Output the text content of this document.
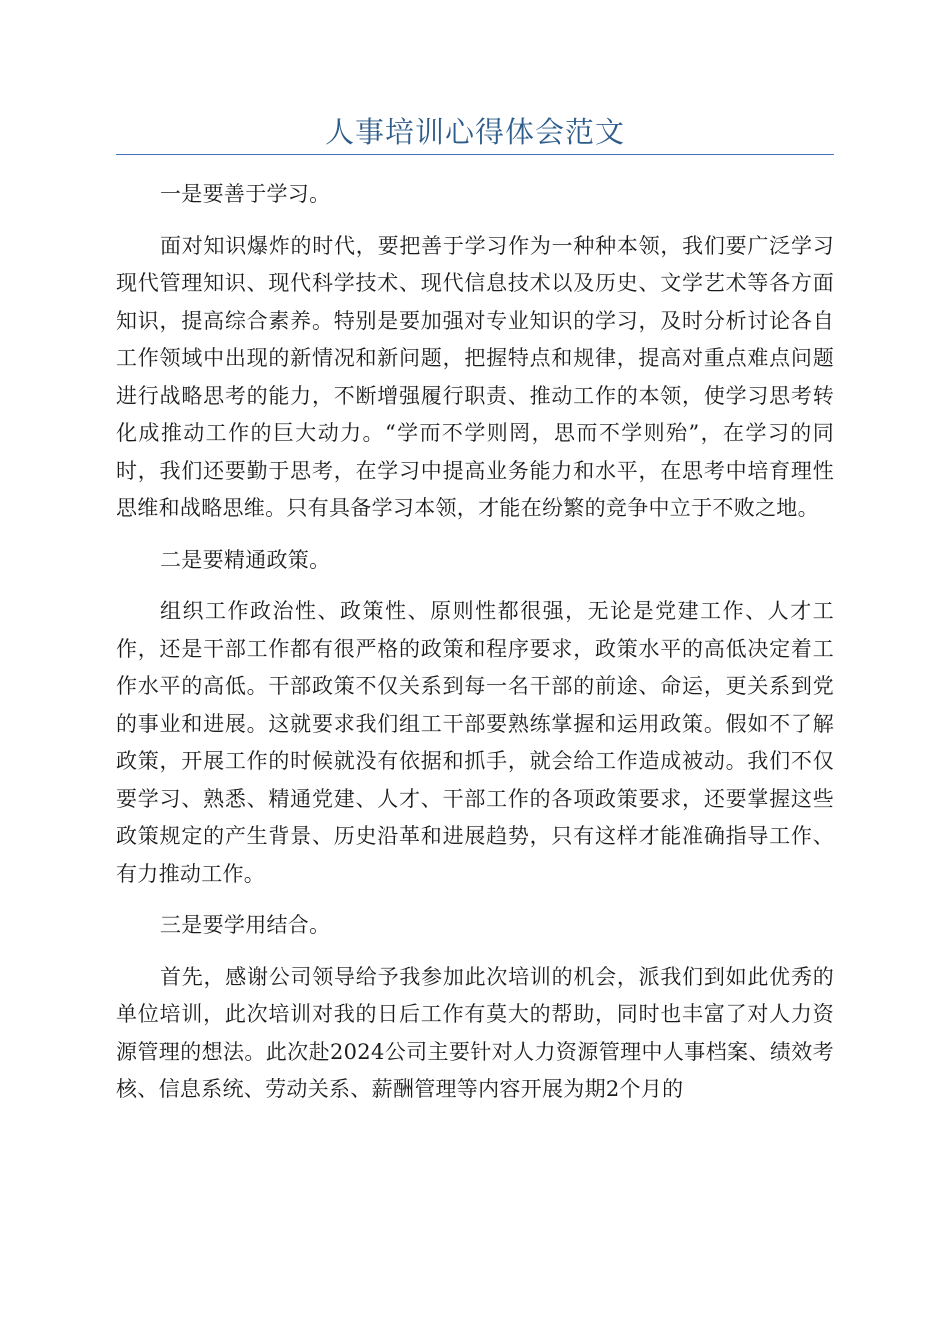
人事培训心得体会范文

一是要善于学习。

面对知识爆炸的时代，要把善于学习作为一种种本领，我们要广泛学习现代管理知识、现代科学技术、现代信息技术以及历史、文学艺术等各方面知识，提高综合素养。特别是要加强对专业知识的学习，及时分析讨论各自工作领域中出现的新情况和新问题，把握特点和规律，提高对重点难点问题进行战略思考的能力，不断增强履行职责、推动工作的本领，使学习思考转化成推动工作的巨大动力。“学而不学则罔，思而不学则殆”，在学习的同时，我们还要勤于思考，在学习中提高业务能力和水平，在思考中培育理性思维和战略思维。只有具备学习本领，才能在纷繁的竞争中立于不败之地。

二是要精通政策。

组织工作政治性、政策性、原则性都很强，无论是党建工作、人才工作，还是干部工作都有很严格的政策和程序要求，政策水平的高低决定着工作水平的高低。干部政策不仅关系到每一名干部的前途、命运，更关系到党的事业和进展。这就要求我们组工干部要熟练掌握和运用政策。假如不了解政策，开展工作的时候就没有依据和抓手，就会给工作造成被动。我们不仅要学习、熟悉、精通党建、人才、干部工作的各项政策要求，还要掌握这些政策规定的产生背景、历史沿革和进展趋势，只有这样才能准确指导工作、有力推动工作。

三是要学用结合。

首先，感谢公司领导给予我参加此次培训的机会，派我们到如此优秀的单位培训，此次培训对我的日后工作有莫大的帮助，同时也丰富了对人力资源管理的想法。此次赴2024公司主要针对人力资源管理中人事档案、绩效考核、信息系统、劳动关系、薪酬管理等内容开展为期2个月的
